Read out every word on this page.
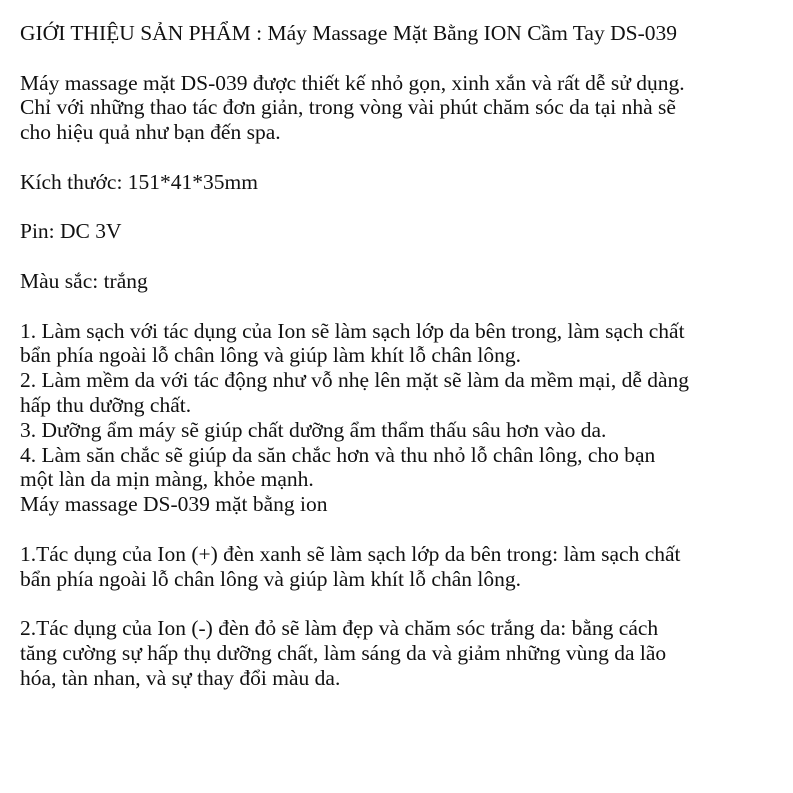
GIỚI THIỆU SẢN PHẨM : Máy Massage Mặt Bằng ION Cầm Tay DS-039
Máy massage mặt DS-039 được thiết kế nhỏ gọn, xinh xắn và rất dễ sử dụng.
Chỉ với những thao tác đơn giản, trong vòng vài phút chăm sóc da tại nhà sẽ
cho hiệu quả như bạn đến spa.
Kích thước: 151*41*35mm
Pin: DC 3V
Màu sắc: trắng
1. Làm sạch với tác dụng của Ion sẽ làm sạch lớp da bên trong, làm sạch chất
bẩn phía ngoài lỗ chân lông và giúp làm khít lỗ chân lông.
2. Làm mềm da với tác động như vỗ nhẹ lên mặt sẽ làm da mềm mại, dễ dàng
hấp thu dưỡng chất.
3. Dưỡng ẩm máy sẽ giúp chất dưỡng ẩm thẩm thấu sâu hơn vào da.
4. Làm săn chắc sẽ giúp da săn chắc hơn và thu nhỏ lỗ chân lông, cho bạn
một làn da mịn màng, khỏe mạnh.
Máy massage DS-039 mặt bằng ion
1.Tác dụng của Ion (+) đèn xanh sẽ làm sạch lớp da bên trong: làm sạch chất
bẩn phía ngoài lỗ chân lông và giúp làm khít lỗ chân lông.
2.Tác dụng của Ion (-) đèn đỏ sẽ làm đẹp và chăm sóc trắng da: bằng cách
tăng cường sự hấp thụ dưỡng chất, làm sáng da và giảm những vùng da lão
hóa, tàn nhan, và sự thay đổi màu da.
